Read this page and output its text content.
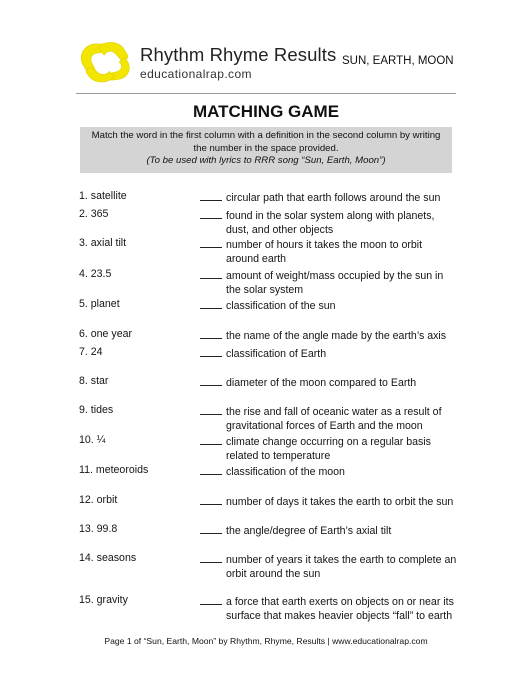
Rhythm Rhyme Results
educationalrap.com
SUN, EARTH, MOON
MATCHING GAME
Match the word in the first column with a definition in the second column by writing the number in the space provided.
(To be used with lyrics to RRR song “Sun, Earth, Moon”)
1. satellite	circular path that earth follows around the sun
2. 365	found in the solar system along with planets,
dust, and other objects
3. axial tilt	number of hours it takes the moon to orbit
around earth
4. 23.5	amount of weight/mass occupied by the sun in
the solar system
5. planet	classification of the sun
6. one year	the name of the angle made by the earth’s axis
7. 24	classification of Earth
8. star	diameter of the moon compared to Earth
9. tides	the rise and fall of oceanic water as a result of
gravitational forces of Earth and the moon
10. ¼	climate change occurring on a regular basis
related to temperature
11. meteoroids	classification of the moon
12. orbit	number of days it takes the earth to orbit the sun
13. 99.8	the angle/degree of Earth’s axial tilt
14. seasons	number of years it takes the earth to complete an
orbit around the sun
15. gravity	a force that earth exerts on objects on or near its
surface that makes heavier objects “fall” to earth
Page 1 of “Sun, Earth, Moon” by Rhythm, Rhyme, Results | www.educationalrap.com
